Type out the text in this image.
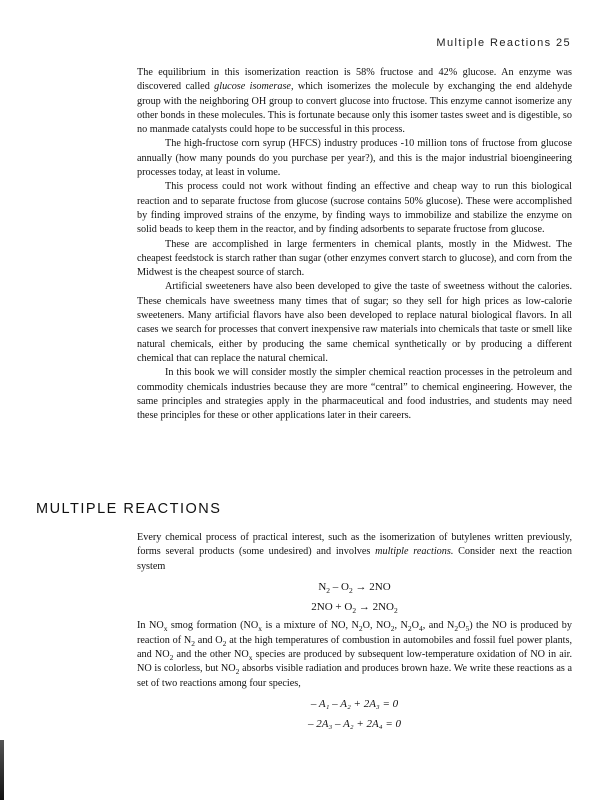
Multiple Reactions 25

The equilibrium in this isomerization reaction is 58% fructose and 42% glucose. An enzyme was discovered called glucose isomerase, which isomerizes the molecule by exchanging the end aldehyde group with the neighboring OH group to convert glucose into fructose. This enzyme cannot isomerize any other bonds in these molecules. This is fortunate because only this isomer tastes sweet and is digestible, so no manmade catalysts could hope to be successful in this process.

The high-fructose corn syrup (HFCS) industry produces -10 million tons of fructose from glucose annually (how many pounds do you purchase per year?), and this is the major industrial bioengineering processes today, at least in volume.

This process could not work without finding an effective and cheap way to run this biological reaction and to separate fructose from glucose (sucrose contains 50% glucose). These were accomplished by finding improved strains of the enzyme, by finding ways to immobilize and stabilize the enzyme on solid beads to keep them in the reactor, and by finding adsorbents to separate fructose from glucose.

These are accomplished in large fermenters in chemical plants, mostly in the Midwest. The cheapest feedstock is starch rather than sugar (other enzymes convert starch to glucose), and corn from the Midwest is the cheapest source of starch.

Artificial sweeteners have also been developed to give the taste of sweetness without the calories. These chemicals have sweetness many times that of sugar; so they sell for high prices as low-calorie sweeteners. Many artificial flavors have also been developed to replace natural biological flavors. In all cases we search for processes that convert inexpensive raw materials into chemicals that taste or smell like natural chemicals, either by producing the same chemical synthetically or by producing a different chemical that can replace the natural chemical.

In this book we will consider mostly the simpler chemical reaction processes in the petroleum and commodity chemicals industries because they are more “central” to chemical engineering. However, the same principles and strategies apply in the pharmaceutical and food industries, and students may need these principles for these or other applications later in their careers.

MULTIPLE REACTIONS

Every chemical process of practical interest, such as the isomerization of butylenes written previously, forms several products (some undesired) and involves multiple reactions. Consider next the reaction system

$N_2 - O_2 \to 2NO$
$2NO + O_2 \to 2NO_2$

In $NO_x$ smog formation ($NO_x$ is a mixture of NO, $N_2O$, $NO_2$, $N_2O_4$, and $N_2O_5$) the NO is produced by reaction of $N_2$ and $O_2$ at the high temperatures of combustion in automobiles and fossil fuel power plants, and $NO_2$ and the other $NO_x$ species are produced by subsequent low-temperature oxidation of NO in air. NO is colorless, but $NO_2$ absorbs visible radiation and produces brown haze. We write these reactions as a set of two reactions among four species,

– A₁ – A₂ + 2A₃ = 0
– 2A₃ – A₂ + 2A₄ = 0
